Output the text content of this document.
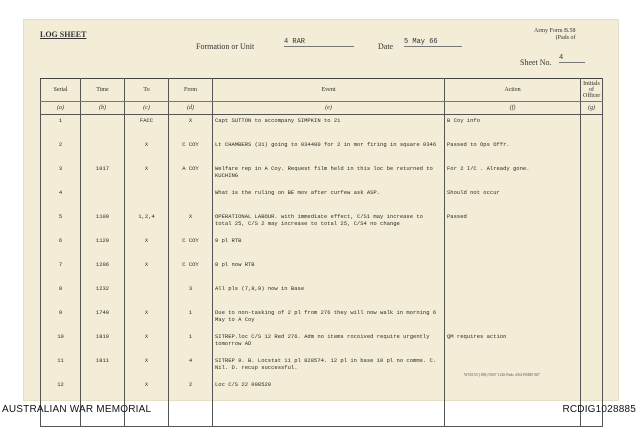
LOG SHEET
Formation or Unit	4 RAR	Date 5 May 66
Army Form B.58
(Pads of
Sheet No. 4
Serial	Time	To	From	Event	Action	Initials of Officer
(a)	(b)	(c)	(d)	(e)	(f)	(g)
1		FACC	X	Capt SUTTON to accompany SIMPKIN to 21	B Coy info	
2		X	C COY	Lt CHAMBERS (31) going to 034480 for 2 in mor firing in square 0346	Passed to Ops Offr.	
3	1017	X	A COY	Welfare rep in A Coy. Request film held in this loc be returned to KUCHING	For 2 I/C . Already gone.	
4				What is the ruling on BE mov after curfew ask ASP.	Should not occur	
5	1100	1,2,4	X	OPERATIONAL LABOUR. with immediate effect, C/S1 may increase to total 25, C/S 2 may increase to total 25, C/S4 no change	Passed	
6	1120	X	C COY	9 pl RTB		
7	1206	X	C COY	8 pl now RTB		
8	1232		3	All pls (7,8,9) now in Base		
9	1740	X	1	Due to non-tasking of 2 pl from 276 they will now walk in morning 6 May to A Coy		
10	1810	X	1	SITREP.loc C/S 12 Red 276. Adm no items rocoived require urgently tomorrow AD	QM requires action	
11	1811	X	4	SITREP 9. B. Locstat 11 pl 828574. 12 pl in base 10 pl no comms. C. Nil. D. recup successful.		
12		X	2	Loc C/S 22 008520		
W55155 (186) 9367 1126 Pads 4/64 FSRB 967
AUSTRALIAN WAR MEMORIAL	RCDIG1028885
